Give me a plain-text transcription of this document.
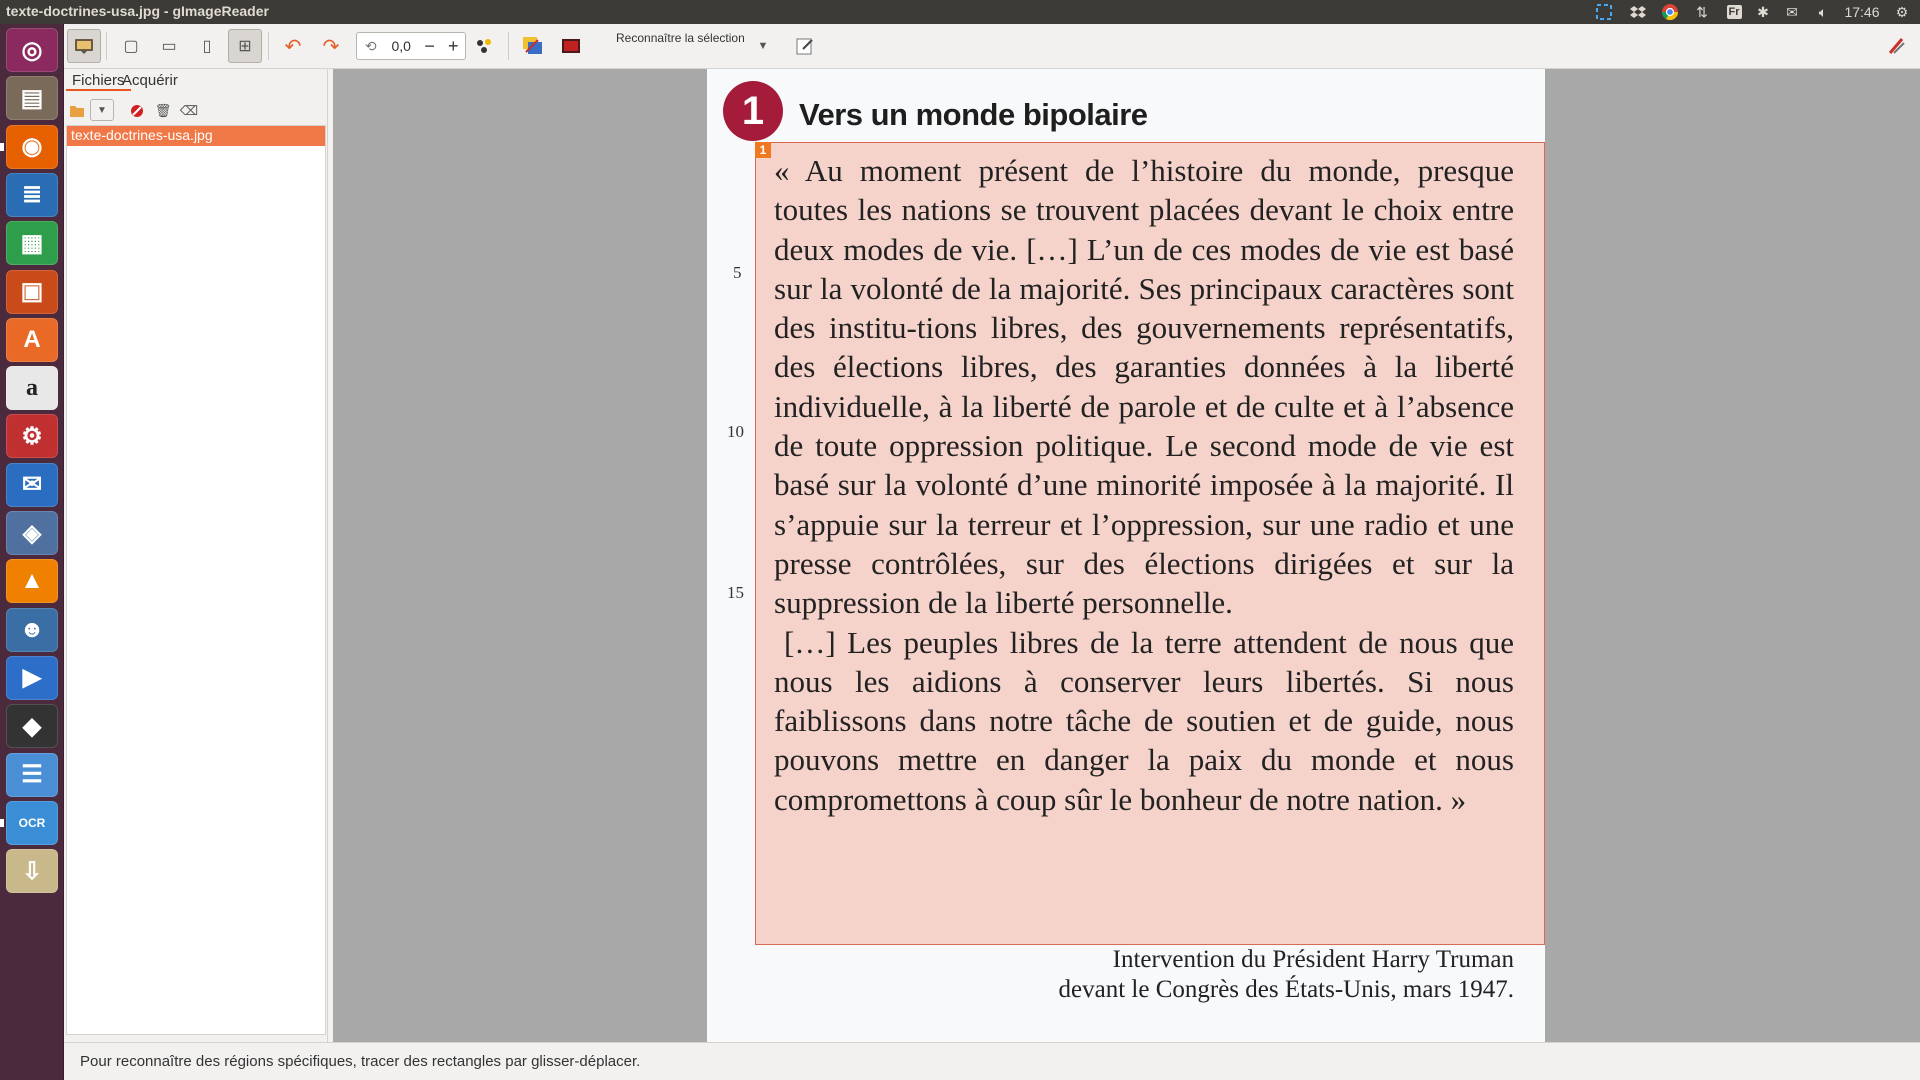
texte-doctrines-usa.jpg - gImageReader	⇅	Fr	✱	✉	🔈︎	17:46	⚙
◎
▤
◉
≣
▦
▣
A
a
⚙
✉
◈
▲
☻
▶
◆
☰
OCR
⇩
▢	▭	▯	⊞	↶	↷	⟲	0,0 − +	Reconnaître la sélection
▼
Fichiers
Acquérir
▼	🗑︎ ⌫
texte-doctrines-usa.jpg
1	Vers un monde bipolaire
1
5
10
15

« Au moment présent de l’histoire du monde, presque toutes les nations se trouvent placées devant le choix entre deux modes de vie. […] L’un de ces modes de vie est basé sur la volonté de la majorité. Ses principaux caractères sont des institu-tions libres, des gouvernements représentatifs, des élections libres, des garanties données à la liberté individuelle, à la liberté de parole et de culte et à l’absence de toute oppression politique. Le second mode de vie est basé sur la volonté d’une minorité imposée à la majorité. Il s’appuie sur la terreur et l’oppression, sur une radio et une presse contrôlées, sur des élections dirigées et sur la suppression de la liberté personnelle.

[…] Les peuples libres de la terre attendent de nous que nous les aidions à conserver leurs libertés. Si nous faiblissons dans notre tâche de soutien et de guide, nous pouvons mettre en danger la paix du monde et nous compromettons à coup sûr le bonheur de notre nation. »

Intervention du Président Harry Truman
devant le Congrès des États-Unis, mars 1947.
Pour reconnaître des régions spécifiques, tracer des rectangles par glisser-déplacer.
